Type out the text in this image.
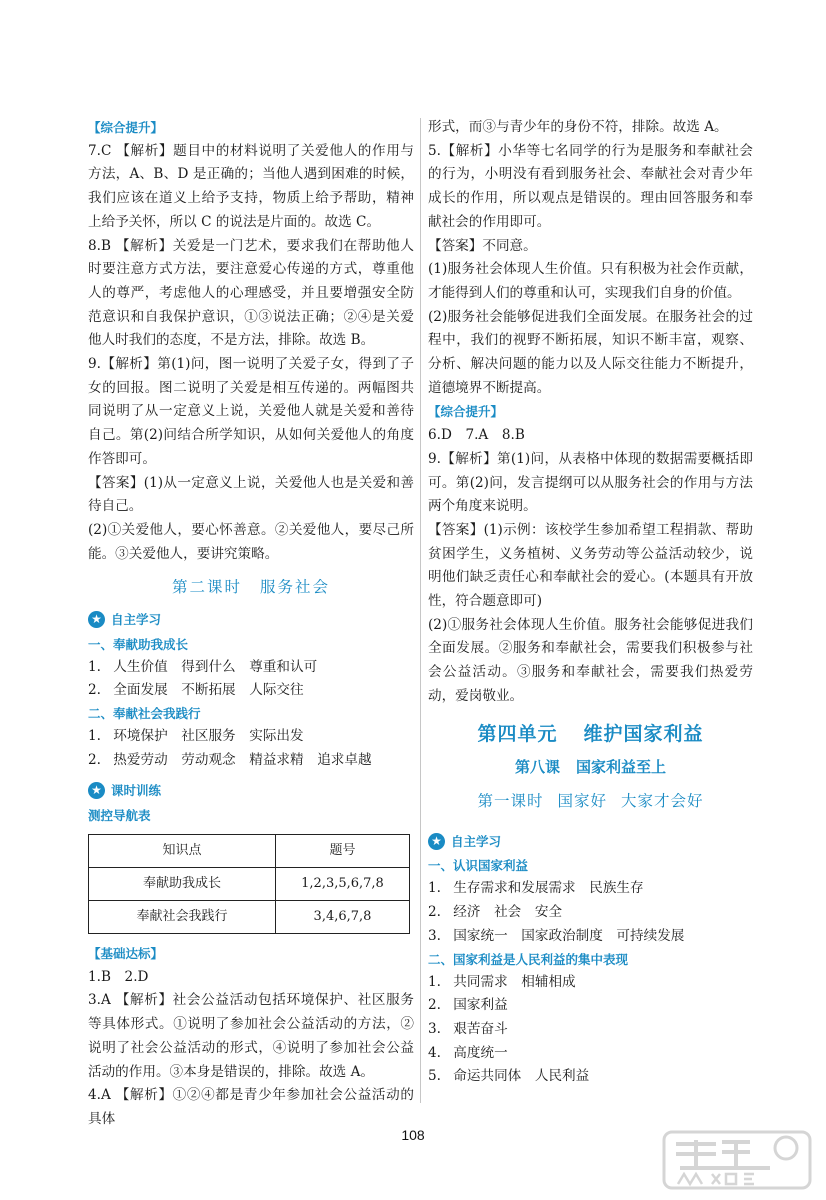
【综合提升】
7.C 【解析】题目中的材料说明了关爱他人的作用与方法，A、B、D 是正确的；当他人遇到困难的时候，我们应该在道义上给予支持，物质上给予帮助，精神上给予关怀，所以 C 的说法是片面的。故选 C。
8.B 【解析】关爱是一门艺术，要求我们在帮助他人时要注意方式方法，要注意爱心传递的方式，尊重他人的尊严，考虑他人的心理感受，并且要增强安全防范意识和自我保护意识，①③说法正确；②④是关爱他人时我们的态度，不是方法，排除。故选 B。
9.【解析】第(1)问，图一说明了关爱子女，得到了子女的回报。图二说明了关爱是相互传递的。两幅图共同说明了从一定意义上说，关爱他人就是关爱和善待自己。第(2)问结合所学知识，从如何关爱他人的角度作答即可。
【答案】(1)从一定意义上说，关爱他人也是关爱和善待自己。
(2)①关爱他人，要心怀善意。②关爱他人，要尽己所能。③关爱他人，要讲究策略。
第二课时 服务社会
★ 自主学习
一、奉献助我成长
1. 人生价值　得到什么　尊重和认可
2. 全面发展　不断拓展　人际交往
二、奉献社会我践行
1. 环境保护　社区服务　实际出发
2. 热爱劳动　劳动观念　精益求精　追求卓越
★ 课时训练
测控导航表
知识点	题号
奉献助我成长	1,2,3,5,6,7,8
奉献社会我践行	3,4,6,7,8
【基础达标】
1.B　2.D
3.A 【解析】社会公益活动包括环境保护、社区服务等具体形式。①说明了参加社会公益活动的方法，②说明了社会公益活动的形式，④说明了参加社会公益活动的作用。③本身是错误的，排除。故选 A。
4.A 【解析】①②④都是青少年参加社会公益活动的具体
形式，而③与青少年的身份不符，排除。故选 A。
5.【解析】小华等七名同学的行为是服务和奉献社会的行为，小明没有看到服务社会、奉献社会对青少年成长的作用，所以观点是错误的。理由回答服务和奉献社会的作用即可。
【答案】不同意。
(1)服务社会体现人生价值。只有积极为社会作贡献，才能得到人们的尊重和认可，实现我们自身的价值。
(2)服务社会能够促进我们全面发展。在服务社会的过程中，我们的视野不断拓展，知识不断丰富，观察、分析、解决问题的能力以及人际交往能力不断提升，道德境界不断提高。
【综合提升】
6.D　7.A　8.B
9.【解析】第(1)问，从表格中体现的数据需要概括即可。第(2)问，发言提纲可以从服务社会的作用与方法两个角度来说明。
【答案】(1)示例：该校学生参加希望工程捐款、帮助贫困学生，义务植树、义务劳动等公益活动较少，说明他们缺乏责任心和奉献社会的爱心。(本题具有开放性，符合题意即可)
(2)①服务社会体现人生价值。服务社会能够促进我们全面发展。②服务和奉献社会，需要我们积极参与社会公益活动。③服务和奉献社会，需要我们热爱劳动，爱岗敬业。
第四单元 维护国家利益
第八课 国家利益至上
第一课时 国家好 大家才会好
★ 自主学习
一、认识国家利益
1. 生存需求和发展需求　民族生存
2. 经济　社会　安全
3. 国家统一　国家政治制度　可持续发展
二、国家利益是人民利益的集中表现
1. 共同需求　相辅相成
2. 国家利益
3. 艰苦奋斗
4. 高度统一
5. 命运共同体　人民利益
108
